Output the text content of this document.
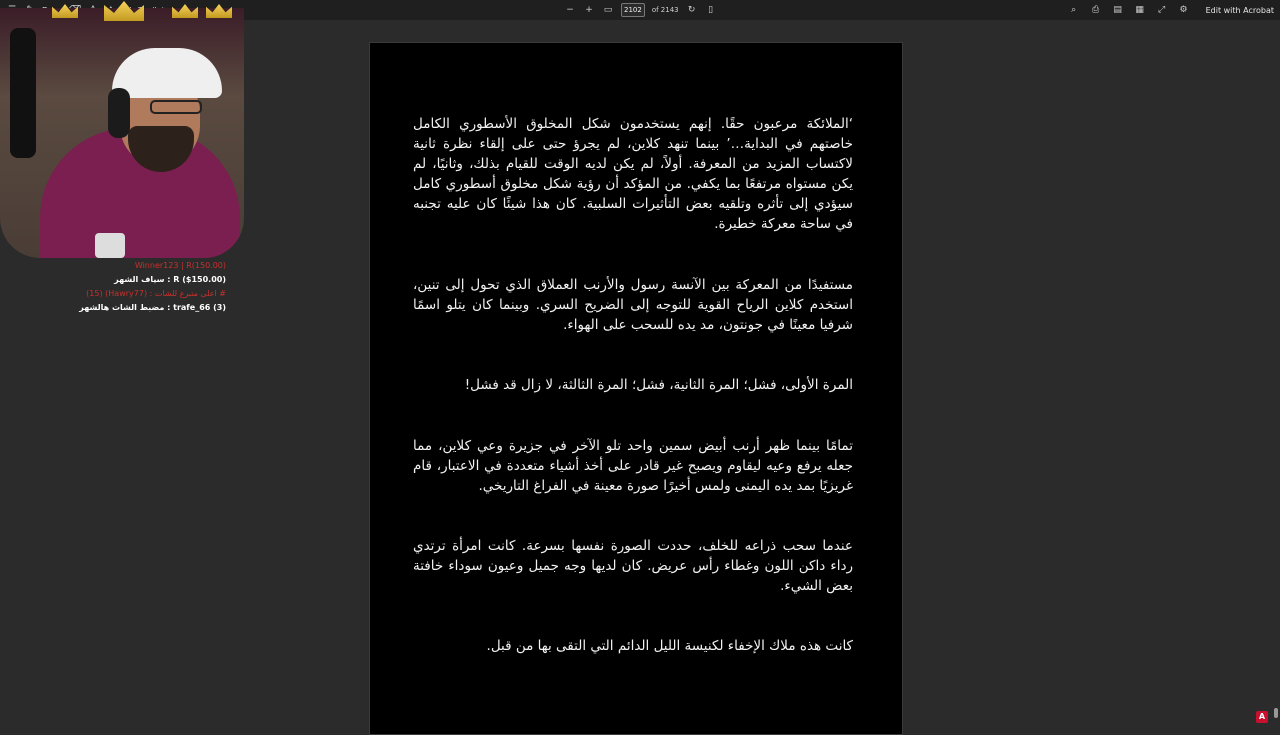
− + ▭	2102	of 2143 ↻	▯	⌕	⎙ ▤ ▦ ⤢ ⚙ Edit with Acrobat
‘الملائكة مرعبون حقًا. إنهم يستخدمون شكل المخلوق الأسطوري الكامل خاصتهم في البداية…’ بينما تنهد كلاين، لم يجرؤ حتى على إلقاء نظرة ثانية لاكتساب المزيد من المعرفة. أولاً، لم يكن لديه الوقت للقيام بذلك، وثانيًا، لم يكن مستواه مرتفعًا بما يكفي. من المؤكد أن رؤية شكل مخلوق أسطوري كامل سيؤدي إلى تأثره وتلقيه بعض التأثيرات السلبية. كان هذا شيئًا كان عليه تجنبه في ساحة معركة خطيرة.
مستفيدًا من المعركة بين الآنسة رسول والأرنب العملاق الذي تحول إلى تنين، استخدم كلاين الرياح القوية للتوجه إلى الضريح السري. وبينما كان يتلو اسمًا شرفيا معينًا في جونتون، مد يده للسحب على الهواء.
المرة الأولى، فشل؛ المرة الثانية، فشل؛ المرة الثالثة، لا زال قد فشل!
تمامًا بينما ظهر أرنب أبيض سمين واحد تلو الآخر في جزيرة وعي كلاين، مما جعله يرفع وعيه ليقاوم ويصبح غير قادر على أخذ أشياء متعددة في الاعتبار، قام غريزيًا بمد يده اليمنى ولمس أخيرًا صورة معينة في الفراغ التاريخي.
عندما سحب ذراعه للخلف، حددت الصورة نفسها بسرعة. كانت امرأة ترتدي رداء داكن اللون وغطاء رأس عريض. كان لديها وجه جميل وعيون سوداء خافتة بعض الشيء.
كانت هذه ملاك الإخفاء لكنيسة الليل الدائم التي التقى بها من قبل.
A
Winner123 | R(150.00)
R ($150.00) : سياف الشهر
# اعلى متبرع للشات : (Hawry77) (15)
trafe_66 (3) : مضبط الشات هالشهر
